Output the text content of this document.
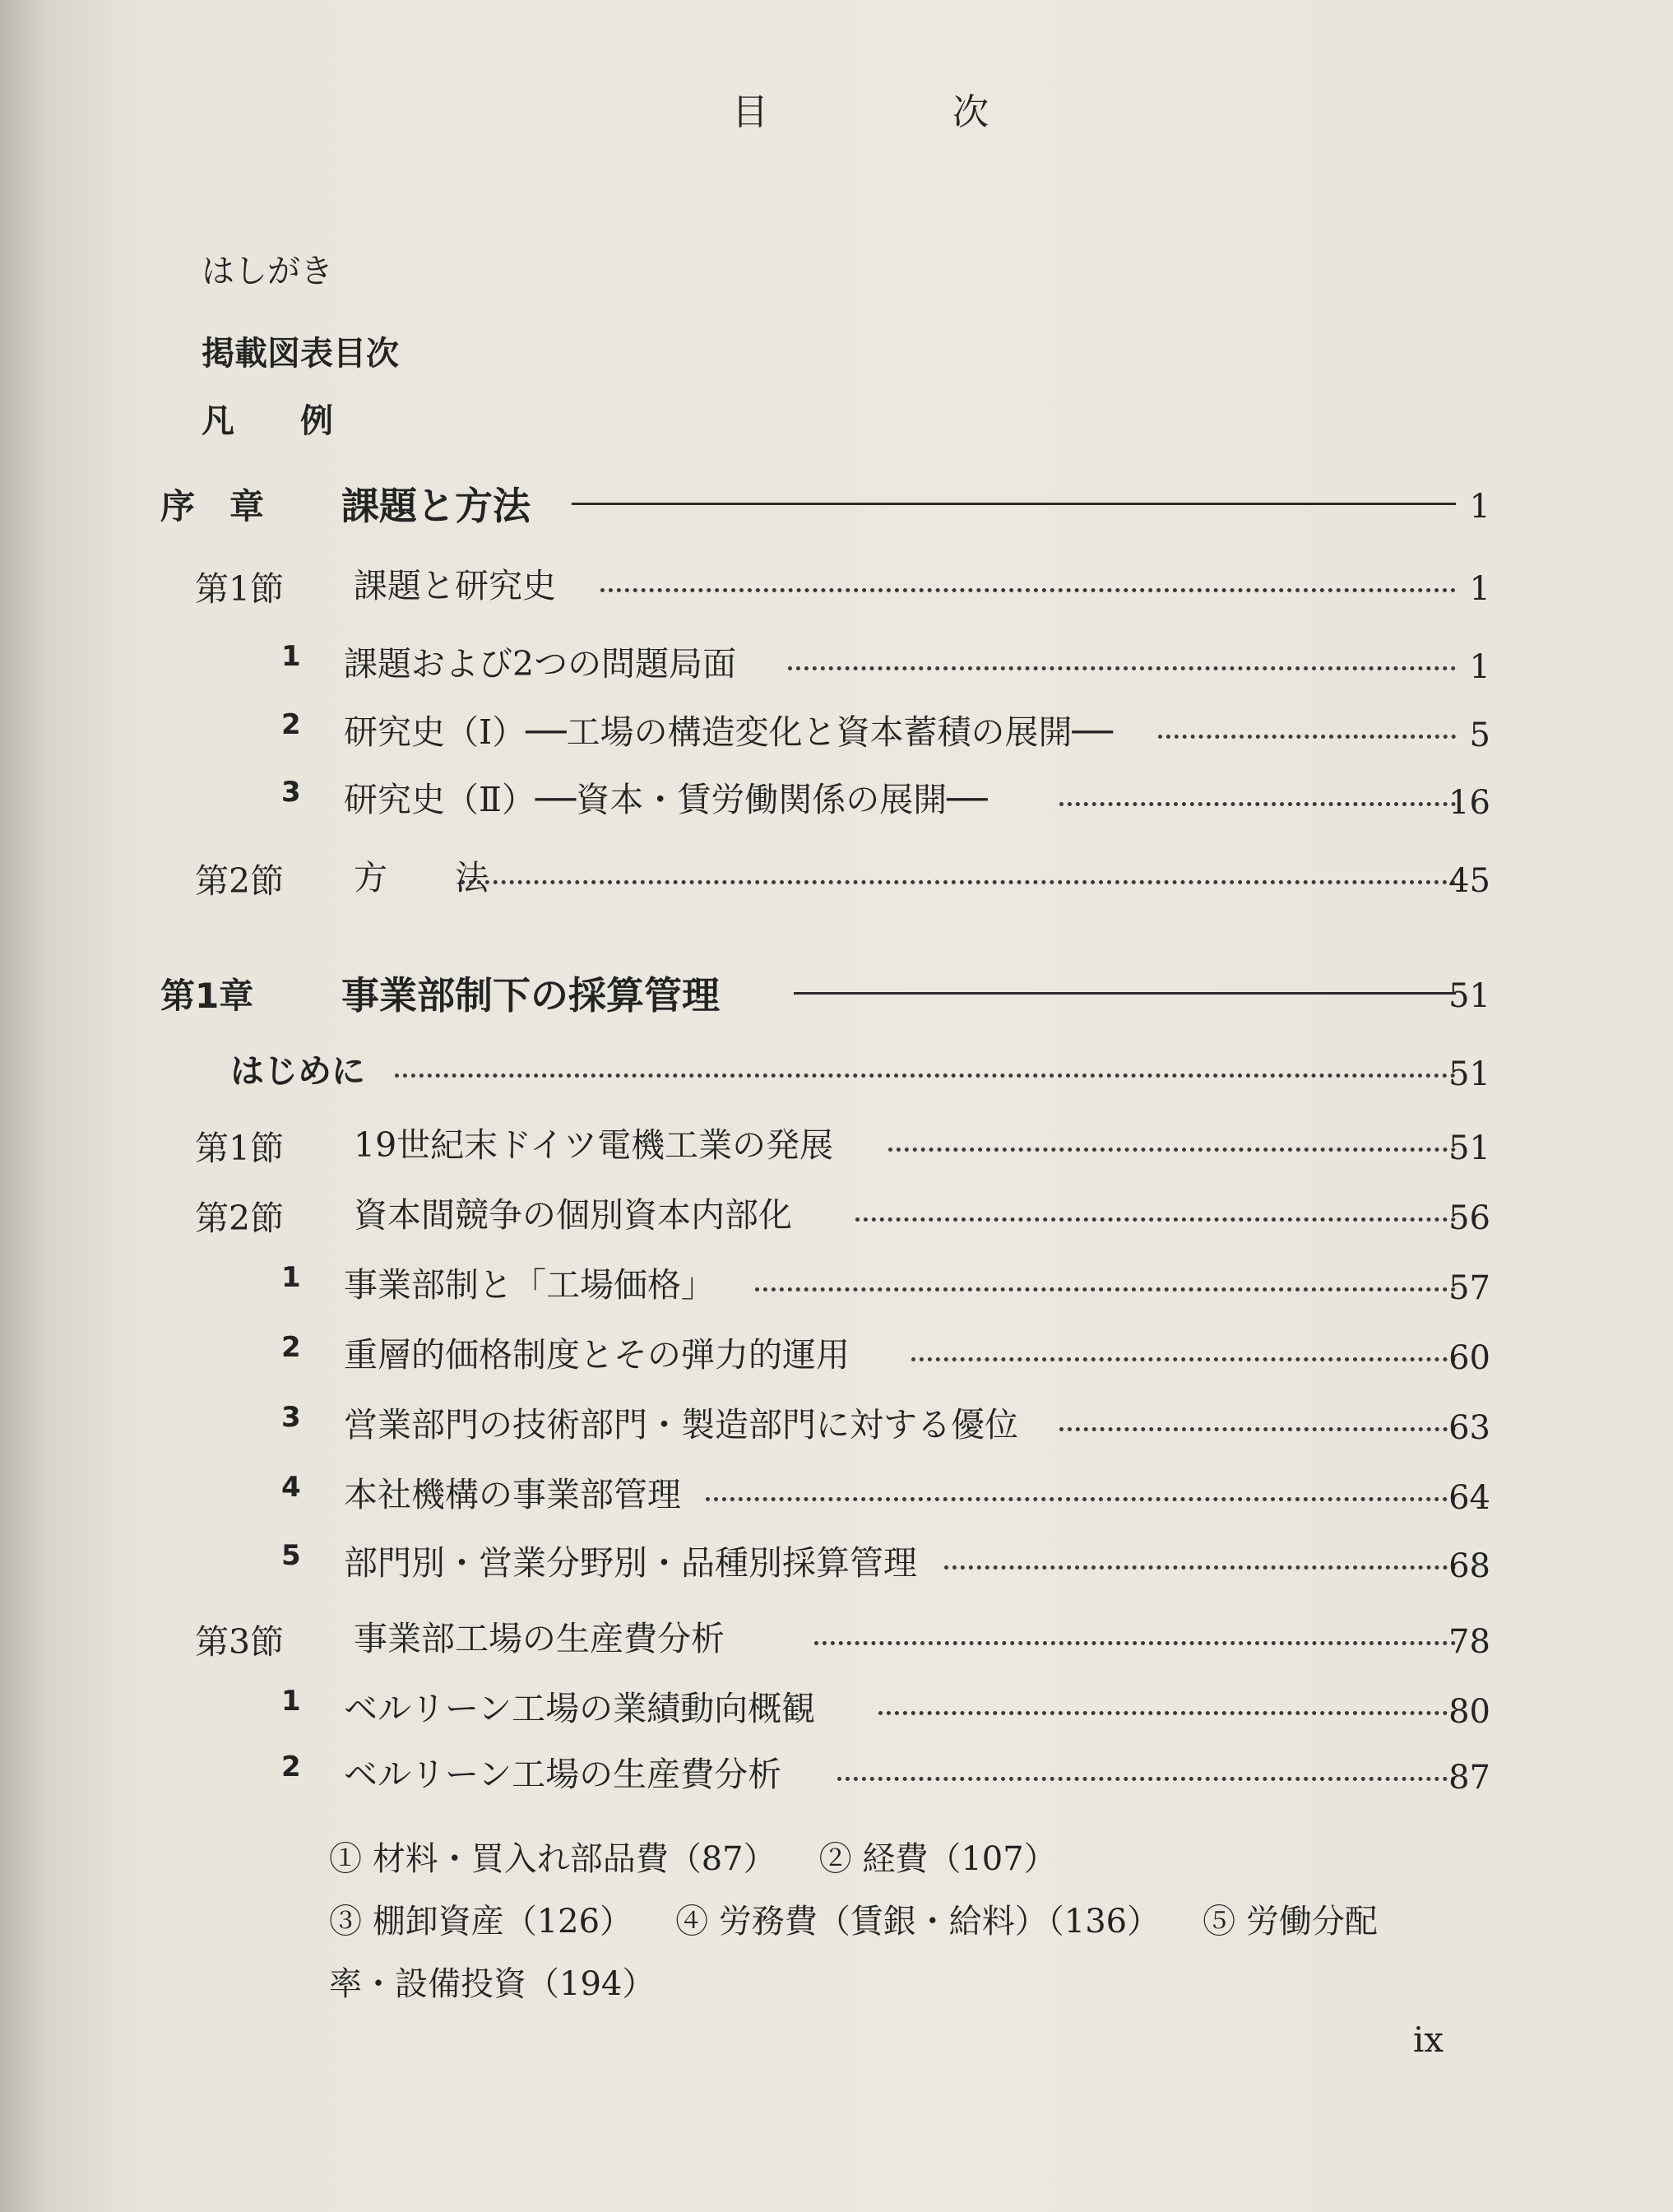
目　次
はしがき
掲載図表目次
凡　　例
序　章 課題と方法	1
第1節 課題と研究史	1
1 課題および2つの問題局面	1
2 研究史（Ⅰ）──工場の構造変化と資本蓄積の展開──	5
3 研究史（Ⅱ）──資本・賃労働関係の展開──	16
第2節 方　　法	45
第1章 事業部制下の採算管理	51
はじめに	51
第1節 19世紀末ドイツ電機工業の発展	51
第2節 資本間競争の個別資本内部化	56
1 事業部制と「工場価格」	57
2 重層的価格制度とその弾力的運用	60
3 営業部門の技術部門・製造部門に対する優位	63
4 本社機構の事業部管理	64
5 部門別・営業分野別・品種別採算管理	68
第3節 事業部工場の生産費分析	78
1 ベルリーン工場の業績動向概観	80
2 ベルリーン工場の生産費分析	87
① 材料・買入れ部品費（87） ② 経費（107）③ 棚卸資産（126） ④ 労務費（賃銀・給料）（136） ⑤ 労働分配率・設備投資（194）
ix
